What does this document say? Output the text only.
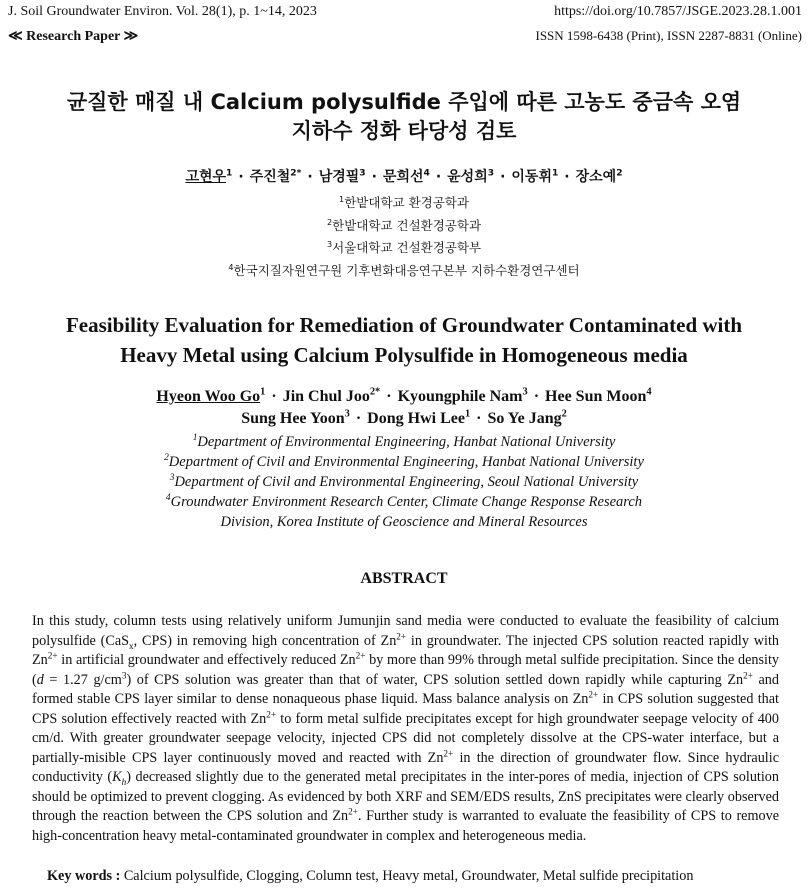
J. Soil Groundwater Environ. Vol. 28(1), p. 1~14, 2023
≪ Research Paper ≫
https://doi.org/10.7857/JSGE.2023.28.1.001
ISSN 1598-6438 (Print), ISSN 2287-8831 (Online)
균질한 매질 내 Calcium polysulfide 주입에 따른 고농도 중금속 오염
지하수 정화 타당성 검토
고현우$^1$ · 주진철$^{2*}$ · 남경필$^3$ · 문희선$^4$ · 윤성희$^3$ · 이동휘$^1$ · 장소예$^2$
$^1$한밭대학교 환경공학과
$^2$한밭대학교 건설환경공학과
$^3$서울대학교 건설환경공학부
$^4$한국지질자원연구원 기후변화대응연구본부 지하수환경연구센터
Feasibility Evaluation for Remediation of Groundwater Contaminated with
Heavy Metal using Calcium Polysulfide in Homogeneous media
Hyeon Woo $Go^1$ · Jin Chul Joo$^{2*}$ · Kyoungphile Nam$^3$ · Hee Sun Moon$^4$
Sung Hee Yoon$^3$ · Dong Hwi Lee$^1$ · So Ye Jang$^2$
$^1$Department of Environmental Engineering, Hanbat National University
$^2$Department of Civil and Environmental Engineering, Hanbat National University
$^3$Department of Civil and Environmental Engineering, Seoul National University
$^4$Groundwater Environment Research Center, Climate Change Response Research
Division, Korea Institute of Geoscience and Mineral Resources
ABSTRACT
In this study, column tests using relatively uniform Jumunjin sand media were conducted to evaluate the feasibility of calcium polysulfide (CaS$_x$, CPS) in removing high concentration of $Zn^{2+}$ in groundwater. The injected CPS solution reacted rapidly with $Zn^{2+}$ in artificial groundwater and effectively reduced $Zn^{2+}$ by more than 99% through metal sulfide precipitation. Since the density (d = 1.27 $g/cm^3$) of CPS solution was greater than that of water, CPS solution settled down rapidly while capturing $Zn^{2+}$ and formed stable CPS layer similar to dense nonaqueous phase liquid. Mass balance analysis on $Zn^{2+}$ in CPS solution suggested that CPS solution effectively reacted with $Zn^{2+}$ to form metal sulfide precipitates except for high groundwater seepage velocity of 400 cm/d. With greater groundwater seepage velocity, injected CPS did not completely dissolve at the CPS-water interface, but a partially-misible CPS layer continuously moved and reacted with $Zn^{2+}$ in the direction of groundwater flow. Since hydraulic conductivity $(K_h)$ decreased slightly due to the generated metal precipitates in the inter-pores of media, injection of CPS solution should be optimized to prevent clogging. As evidenced by both XRF and SEM/EDS results, ZnS precipitates were clearly observed through the reaction between the CPS solution and $Zn^{2+}$. Further study is warranted to evaluate the feasibility of CPS to remove high-concentration heavy metal-contaminated groundwater in complex and heterogeneous media.
Key words : Calcium polysulfide, Clogging, Column test, Heavy metal, Groundwater, Metal sulfide precipitation
